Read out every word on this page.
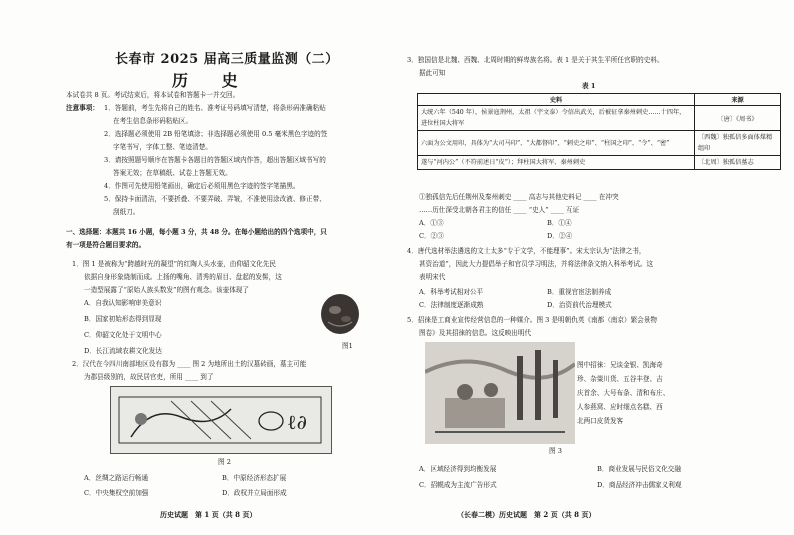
长春市 2025 届高三质量监测（二）
历 史
本试卷共 8 页。考试结束后，将本试卷和答题卡一并交回。
注意事项： 1．答题前，考生先将自己的姓名、准考证号码填写清楚，将条形码准确粘贴
在考生信息条形码粘贴区。
2．选择题必须使用 2B 铅笔填涂；非选择题必须使用 0.5 毫米黑色字迹的签
字笔书写，字体工整、笔迹清楚。
3．请按照题号顺序在答题卡各题目的答题区域内作答，超出答题区域书写的
答案无效；在草稿纸、试卷上答题无效。
4．作图可先使用铅笔画出，确定后必须用黑色字迹的签字笔描黑。
5．保持卡面清洁，不要折叠、不要弄破、弄皱，不准使用涂改液、修正带、
刮纸刀。
一、选择题：本题共 16 小题，每小题 3 分，共 48 分。在每小题给出的四个选项中，只
有一项是符合题目要求的。
1．图 1 是被称为“跨越时光的凝望”的红陶人头水壶，由仰韶文化先民
依据自身形象烧制而成。上扬的嘴角、清秀的眉目、盘起的发髻，这
一造型展露了“原始人族头数发”的图有观念。该壶体现了
图1
A．自我认知影响审美意识
B．国家初始形态得到显现
C．仰韶文化处于文明中心
D．长江流域农耕文化发达
2．汉代在今四川南部地区设有郡为 ____ 图 2 为地所出土的汉墓砖画，墓主可能
为郡县级别的，故民居官吏，所用 ____ 到了
ℓ∂
图 2
A．丝绸之路运行畅通	B．中原经济形态扩展
C．中央集权空前加强	D．政权并立局面形成
历史试题　第 1 页（共 8 页）
3．独国信是北魏、西魏、北周时期的鲜卑族名将。表 1 是关于其生平所任官职的史料。
据此可知
表 1
史料	来源
大统六年（540 年），侯景寇荆州，太祖（宇文泰）令信出武关，后被征拿秦州刺史……十四年，进位柱国大将军	〔唐〕《周书》
六面为公文用印，具体为“大司马印”、“大都督印”、“刺史之印”、“柱国之印”、“令”、“密”	〔西魏〕独孤信多面体煤精组印
遂与“河内公”（不符前述日“皮”）；拜柱国大将军、秦州刺史	〔北周〕独孤信墓志
①独孤信先后任荆州及秦州刺史 ____ 高志与其他史料记 ____ 在冲突
……历仕深受北朝各君主的信任 ____ “史人” ____ 互证
A．①③	B．①④
C．②③	D．②④
4．唐代选材举法遴选的文士太多“专于文学，不能理事”。宋太宗认为“法律之书，
甚资治道”，因此大力提倡举子和官员学习明法，并将法律条文纳入科举考试。这
表明宋代
A．科举考试相对公平	B．重视官宦法制养成
C．法律制度逐渐成熟	D．治资前代治理模式
5．招徕是工商业宣传经营信息的一种媒介。图 3 是明朝仇英《南都（南京）繁会景物
图卷》及其招徕的信息。这反映出明代
图 3
图中招徕：兄谈金银、凯海奇
珍、杂粜川货、五谷丰登、吉
庆首余、大号布条、清和布庄、
人参燕窝、应时细点名糕、西
北两口皮货发客
A．区域经济得到均衡发展	B．商业发展与民俗文化交融
C．招幌成为主流广告形式	D．商品经济冲击儒家义利观
（长春二模）历史试题　第 2 页（共 8 页）
